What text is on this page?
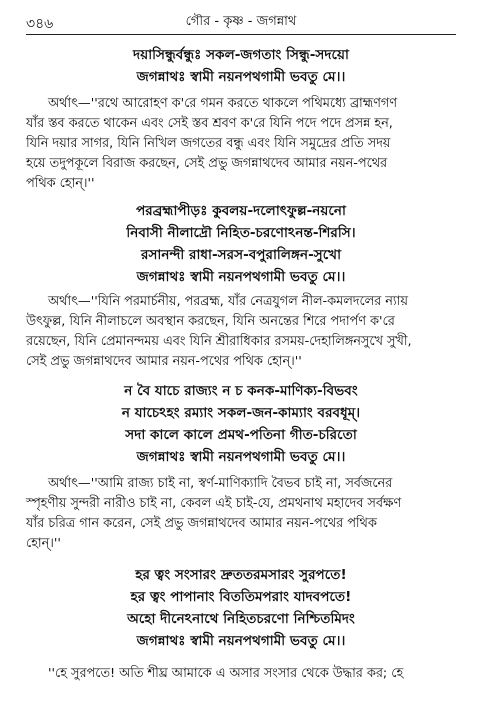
৩৪৬	গৌর - কৃষ্ণ - জগন্নাথ
দয়াসিন্ধুর্বন্ধুঃ সকল-জগতাং সিন্ধু-সদয়ো
জগন্নাথঃ স্বামী নয়নপথগামী ভবতু মে।।
অর্থাৎ—''রথে আরোহণ ক'রে গমন করতে থাকলে পথিমধ্যে ব্রাহ্মণগণ
যাঁর স্তব করতে থাকেন এবং সেই স্তব শ্রবণ ক'রে যিনি পদে পদে প্রসন্ন হন,
যিনি দয়ার সাগর, যিনি নিখিল জগতের বন্ধু এবং যিনি সমুদ্রের প্রতি সদয়
হয়ে তদুপকূলে বিরাজ করছেন, সেই প্রভু জগন্নাথদেব আমার নয়ন-পথের
পথিক হোন্।''
পরব্রহ্মাপীড়ঃ কুবলয়-দলোৎফুল্ল-নয়নো
নিবাসী নীলাদ্রৌ নিহিত-চরণোঽনন্ত-শিরসি।
রসানন্দী রাধা-সরস-বপুরালিঙ্গন-সুখো
জগন্নাথঃ স্বামী নয়নপথগামী ভবতু মে।।
অর্থাৎ—''যিনি পরমার্চনীয়, পরব্রহ্ম, যাঁর নেত্রযুগল নীল-কমলদলের ন্যায়
উৎফুল্ল, যিনি নীলাচলে অবস্থান করছেন, যিনি অনন্তের শিরে পদার্পণ ক'রে
রয়েছেন, যিনি প্রেমানন্দময় এবং যিনি শ্রীরাধিকার রসময়-দেহালিঙ্গনসুখে সুখী,
সেই প্রভু জগন্নাথদেব আমার নয়ন-পথের পথিক হোন্।''
ন বৈ যাচে রাজ্যং ন চ কনক-মাণিক্য-বিভবং
ন যাচেঽহং রম্যাং সকল-জন-কাম্যাং বরবধূম্।
সদা কালে কালে প্রমথ-পতিনা গীত-চরিতো
জগন্নাথঃ স্বামী নয়নপথগামী ভবতু মে।।
অর্থাৎ—''আমি রাজ্য চাই না, স্বর্ণ-মাণিক্যাদি বৈভব চাই না, সর্বজনের
স্পৃহণীয় সুন্দরী নারীও চাই না, কেবল এই চাই-যে, প্রমথনাথ মহাদেব সর্বক্ষণ
যাঁর চরিত্র গান করেন, সেই প্রভু জগন্নাথদেব আমার নয়ন-পথের পথিক
হোন্।''
হর ত্বং সংসারং দ্রুততরমসারং সুরপতে!
হর ত্বং পাপানাং বিততিমপরাং যাদবপতে!
অহো দীনেঽনাথে নিহিতচরণো নিশ্চিতমিদং
জগন্নাথঃ স্বামী নয়নপথগামী ভবতু মে।।
''হে সুরপতে! অতি শীঘ্র আমাকে এ অসার সংসার থেকে উদ্ধার কর; হে
